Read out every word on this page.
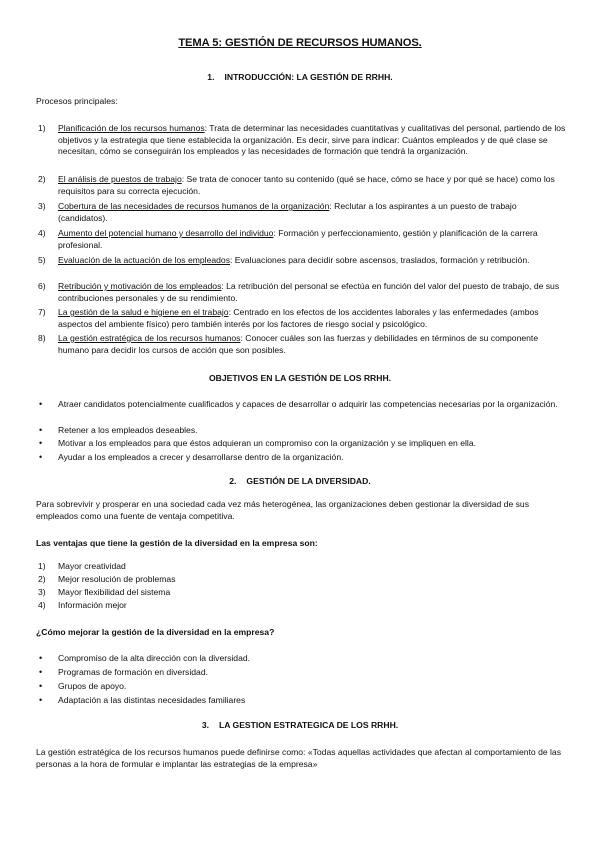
TEMA 5: GESTIÓN DE RECURSOS HUMANOS.
1. INTRODUCCIÓN: LA GESTIÓN DE RRHH.
Procesos principales:
1) Planificación de los recursos humanos: Trata de determinar las necesidades cuantitativas y cualitativas del personal, partiendo de los objetivos y la estrategia que tiene establecida la organización. Es decir, sirve para indicar: Cuántos empleados y de qué clase se necesitan, cómo se conseguirán los empleados y las necesidades de formación que tendrá la organización.
2) El análisis de puestos de trabajo: Se trata de conocer tanto su contenido (qué se hace, cómo se hace y por qué se hace) como los requisitos para su correcta ejecución.
3) Cobertura de las necesidades de recursos humanos de la organización: Reclutar a los aspirantes a un puesto de trabajo (candidatos).
4) Aumento del potencial humano y desarrollo del individuo: Formación y perfeccionamiento, gestión y planificación de la carrera profesional.
5) Evaluación de la actuación de los empleados: Evaluaciones para decidir sobre ascensos, traslados, formación y retribución.
6) Retribución y motivación de los empleados: La retribución del personal se efectúa en función del valor del puesto de trabajo, de sus contribuciones personales y de su rendimiento.
7) La gestión de la salud e higiene en el trabajo: Centrado en los efectos de los accidentes laborales y las enfermedades (ambos aspectos del ambiente físico) pero también interés por los factores de riesgo social y psicológico.
8) La gestión estratégica de los recursos humanos: Conocer cuáles son las fuerzas y debilidades en términos de su componente humano para decidir los cursos de acción que son posibles.
OBJETIVOS EN LA GESTIÓN DE LOS RRHH.
• Atraer candidatos potencialmente cualificados y capaces de desarrollar o adquirir las competencias necesarias por la organización.
• Retener a los empleados deseables.
• Motivar a los empleados para que éstos adquieran un compromiso con la organización y se impliquen en ella.
• Ayudar a los empleados a crecer y desarrollarse dentro de la organización.
2. GESTIÓN DE LA DIVERSIDAD.
Para sobrevivir y prosperar en una sociedad cada vez más heterogénea, las organizaciones deben gestionar la diversidad de sus empleados como una fuente de ventaja competitiva.
Las ventajas que tiene la gestión de la diversidad en la empresa son:
1) Mayor creatividad
2) Mejor resolución de problemas
3) Mayor flexibilidad del sistema
4) Información mejor
¿Cómo mejorar la gestión de la diversidad en la empresa?
• Compromiso de la alta dirección con la diversidad.
• Programas de formación en diversidad.
• Grupos de apoyo.
• Adaptación a las distintas necesidades familiares
3. LA GESTION ESTRATEGICA DE LOS RRHH.
La gestión estratégica de los recursos humanos puede definirse como: «Todas aquellas actividades que afectan al comportamiento de las personas a la hora de formular e implantar las estrategias de la empresa»
